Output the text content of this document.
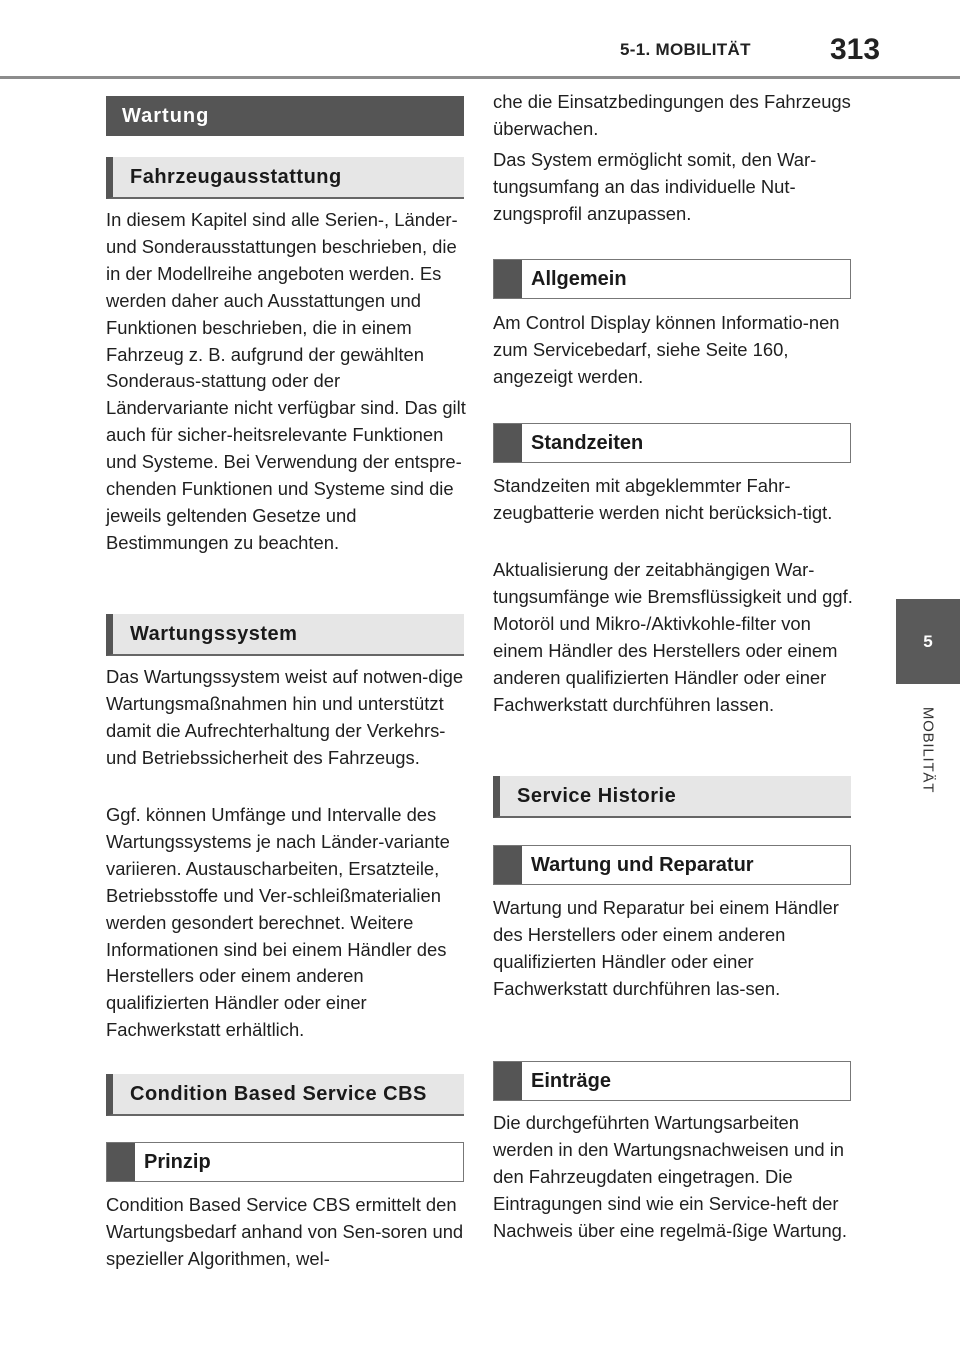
5-1. MOBILITÄT	313
5
MOBILITÄT
Wartung
Fahrzeugausstattung

In diesem Kapitel sind alle Serien-, Länder- und Sonderausstattungen beschrieben, die in der Modellreihe angeboten werden. Es werden daher auch Ausstattungen und Funktionen beschrieben, die in einem Fahrzeug z. B. aufgrund der gewählten Sonderaus-stattung oder der Ländervariante nicht verfügbar sind. Das gilt auch für sicher-heitsrelevante Funktionen und Systeme. Bei Verwendung der entspre-chenden Funktionen und Systeme sind die jeweils geltenden Gesetze und Bestimmungen zu beachten.

Wartungssystem

Das Wartungssystem weist auf notwen-dige Wartungsmaßnahmen hin und unterstützt damit die Aufrechterhaltung der Verkehrs- und Betriebssicherheit des Fahrzeugs.

Ggf. können Umfänge und Intervalle des Wartungssystems je nach Länder-variante variieren. Austauscharbeiten, Ersatzteile, Betriebsstoffe und Ver-schleißmaterialien werden gesondert berechnet. Weitere Informationen sind bei einem Händler des Herstellers oder einem anderen qualifizierten Händler oder einer Fachwerkstatt erhältlich.

Condition Based Service CBS
Prinzip

Condition Based Service CBS ermittelt den Wartungsbedarf anhand von Sen-soren und spezieller Algorithmen, wel-

che die Einsatzbedingungen des Fahrzeugs überwachen.

Das System ermöglicht somit, den War-tungsumfang an das individuelle Nut-zungsprofil anzupassen.

Allgemein

Am Control Display können Informatio-nen zum Servicebedarf, siehe Seite 160, angezeigt werden.

Standzeiten

Standzeiten mit abgeklemmter Fahr-zeugbatterie werden nicht berücksich-tigt.

Aktualisierung der zeitabhängigen War-tungsumfänge wie Bremsflüssigkeit und ggf. Motoröl und Mikro-/Aktivkohle-filter von einem Händler des Herstellers oder einem anderen qualifizierten Händler oder einer Fachwerkstatt durchführen lassen.

Service Historie
Wartung und Reparatur

Wartung und Reparatur bei einem Händler des Herstellers oder einem anderen qualifizierten Händler oder einer Fachwerkstatt durchführen las-sen.

Einträge

Die durchgeführten Wartungsarbeiten werden in den Wartungsnachweisen und in den Fahrzeugdaten eingetragen. Die Eintragungen sind wie ein Service-heft der Nachweis über eine regelmä-ßige Wartung.
